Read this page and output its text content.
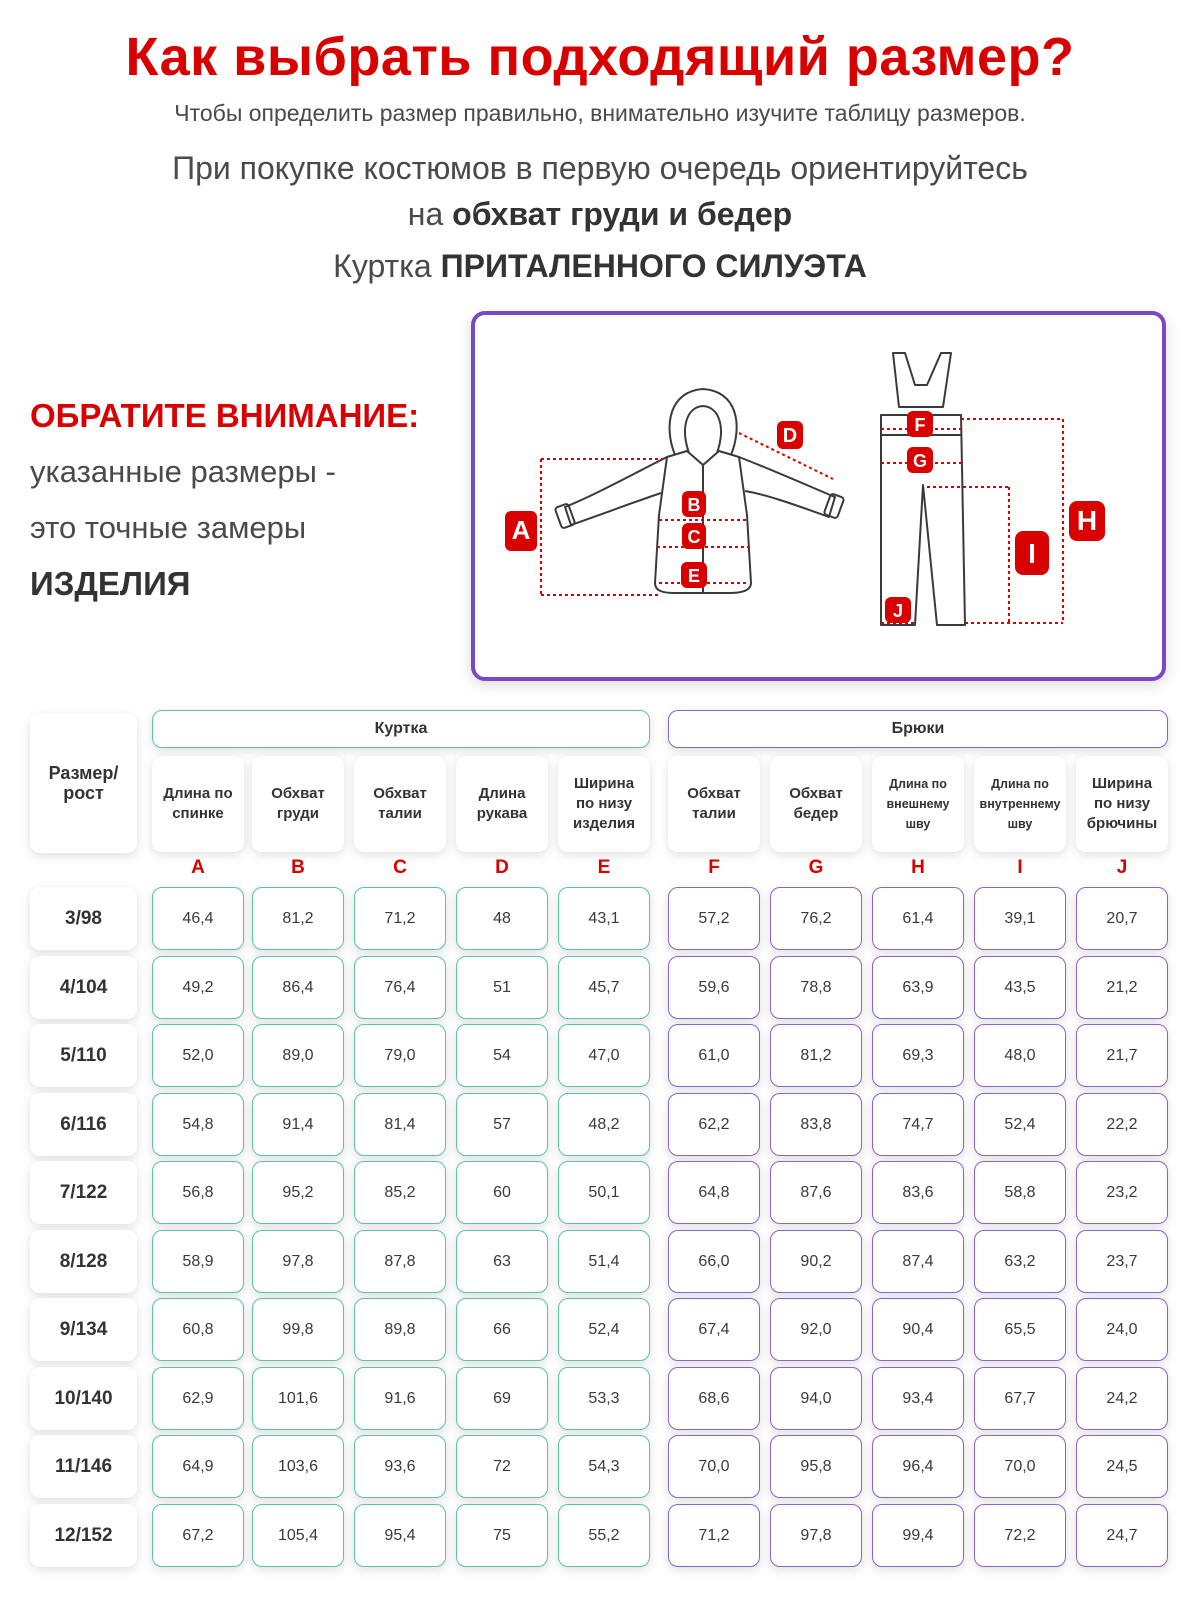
Как выбрать подходящий размер?
Чтобы определить размер правильно, внимательно изучите таблицу размеров.
При покупке костюмов в первую очередь ориентируйтесь
на обхват груди и бедер
Куртка ПРИТАЛЕННОГО СИЛУЭТА
ОБРАТИТЕ ВНИМАНИЕ:
указанные размеры -
это точные замеры
ИЗДЕЛИЯ
A
B
C
D
E
F
G
H
I
J
Размер/ рост
Куртка	Брюки
Длина по спинке
A
Обхват груди
B
Обхват талии
C
Длина рукава
D
Ширина по низу изделия
E
Обхват талии
F
Обхват бедер
G
Длина по внешнему шву
H
Длина по внутреннему шву
I
Ширина по низу брючины
J
3/98	46,4	81,2	71,2	48	43,1	57,2	76,2	61,4	39,1	20,7
4/104	49,2	86,4	76,4	51	45,7	59,6	78,8	63,9	43,5	21,2
5/110	52,0	89,0	79,0	54	47,0	61,0	81,2	69,3	48,0	21,7
6/116	54,8	91,4	81,4	57	48,2	62,2	83,8	74,7	52,4	22,2
7/122	56,8	95,2	85,2	60	50,1	64,8	87,6	83,6	58,8	23,2
8/128	58,9	97,8	87,8	63	51,4	66,0	90,2	87,4	63,2	23,7
9/134	60,8	99,8	89,8	66	52,4	67,4	92,0	90,4	65,5	24,0
10/140	62,9	101,6	91,6	69	53,3	68,6	94,0	93,4	67,7	24,2
11/146	64,9	103,6	93,6	72	54,3	70,0	95,8	96,4	70,0	24,5
12/152	67,2	105,4	95,4	75	55,2	71,2	97,8	99,4	72,2	24,7
